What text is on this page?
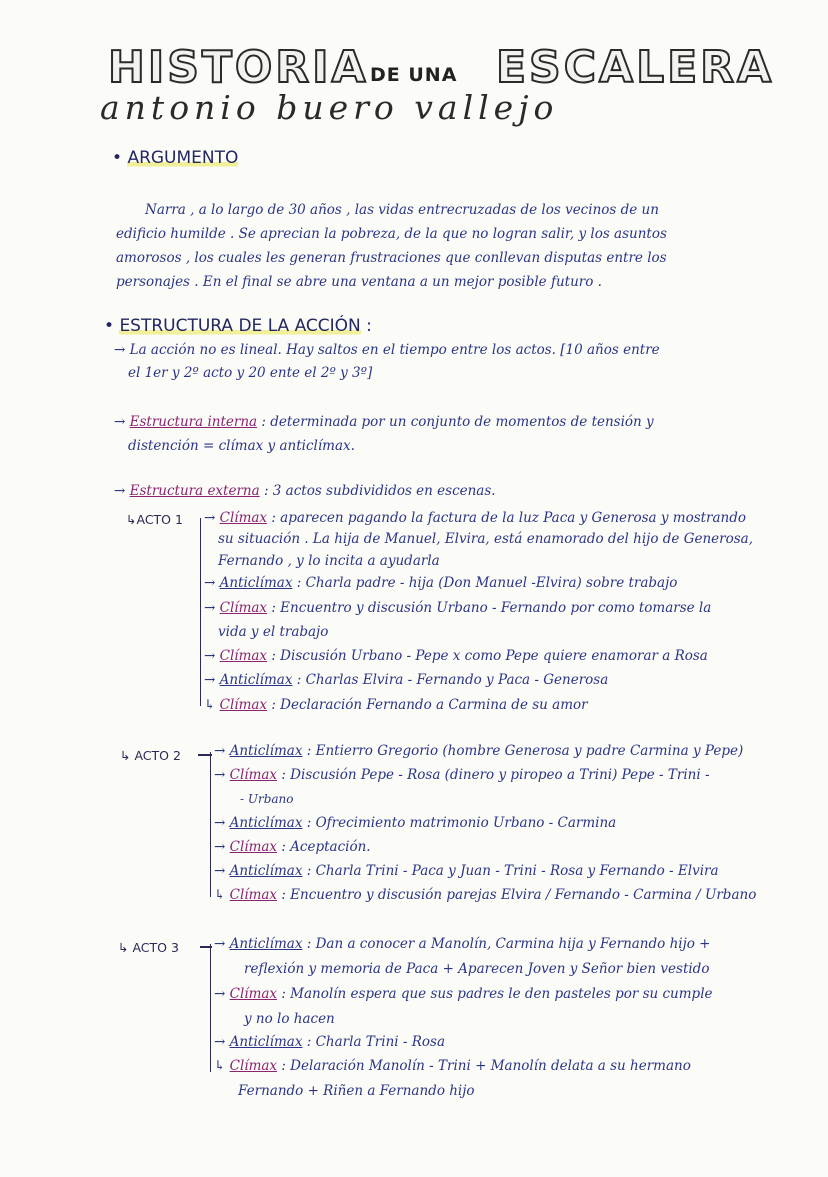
HISTORIA DE UNA ESCALERA
antonio buero vallejo
• ARGUMENTO
Narra , a lo largo de 30 años , las vidas entrecruzadas de los vecinos de un
edificio humilde . Se aprecian la pobreza, de la que no logran salir, y los asuntos
amorosos , los cuales les generan frustraciones que conllevan disputas entre los
personajes . En el final se abre una ventana a un mejor posible futuro .
• ESTRUCTURA DE LA ACCIÓN :
→ La acción no es lineal. Hay saltos en el tiempo entre los actos. [10 años entre
el 1er y 2º acto y 20 ente el 2º y 3º]
→ Estructura interna : determinada por un conjunto de momentos de tensión y
distención = clímax y anticlímax.
→ Estructura externa : 3 actos subdivididos en escenas.
↳ACTO 1 → Clímax : aparecen pagando la factura de la luz Paca y Generosa y mostrando
su situación . La hija de Manuel, Elvira, está enamorado del hijo de Generosa,
Fernando , y lo incita a ayudarla
→ Anticlímax : Charla padre - hija (Don Manuel -Elvira) sobre trabajo
→ Clímax : Encuentro y discusión Urbano - Fernando por como tomarse la
vida y el trabajo
→ Clímax : Discusión Urbano - Pepe x como Pepe quiere enamorar a Rosa
→ Anticlímax : Charlas Elvira - Fernando y Paca - Generosa
↳ Clímax : Declaración Fernando a Carmina de su amor
↳ ACTO 2 → Anticlímax : Entierro Gregorio (hombre Generosa y padre Carmina y Pepe)
→ Clímax : Discusión Pepe - Rosa (dinero y piropeo a Trini) Pepe - Trini -
- Urbano
→ Anticlímax : Ofrecimiento matrimonio Urbano - Carmina
→ Clímax : Aceptación.
→ Anticlímax : Charla Trini - Paca y Juan - Trini - Rosa y Fernando - Elvira
↳ Clímax : Encuentro y discusión parejas Elvira / Fernando - Carmina / Urbano
↳ ACTO 3	→ Anticlímax : Dan a conocer a Manolín, Carmina hija y Fernando hijo +
reflexión y memoria de Paca + Aparecen Joven y Señor bien vestido
→ Clímax : Manolín espera que sus padres le den pasteles por su cumple
y no lo hacen
→ Anticlímax : Charla Trini - Rosa
↳ Clímax : Delaración Manolín - Trini + Manolín delata a su hermano
Fernando + Riñen a Fernando hijo
